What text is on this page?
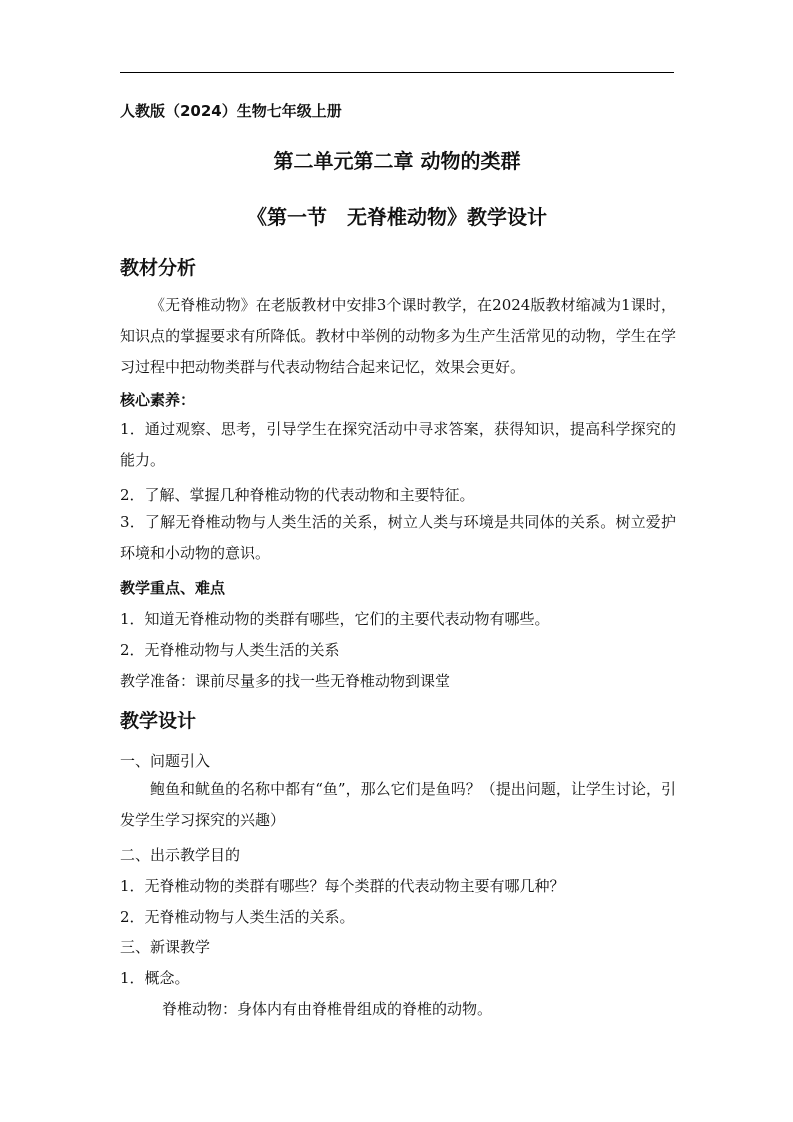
人教版（2024）生物七年级上册

第二单元第二章 动物的类群

《第一节　无脊椎动物》教学设计

教材分析

《无脊椎动物》在老版教材中安排3个课时教学，在2024版教材缩减为1课时，知识点的掌握要求有所降低。教材中举例的动物多为生产生活常见的动物，学生在学习过程中把动物类群与代表动物结合起来记忆，效果会更好。

核心素养：

1．通过观察、思考，引导学生在探究活动中寻求答案，获得知识，提高科学探究的能力。

2．了解、掌握几种脊椎动物的代表动物和主要特征。

3．了解无脊椎动物与人类生活的关系，树立人类与环境是共同体的关系。树立爱护环境和小动物的意识。

教学重点、难点

1．知道无脊椎动物的类群有哪些，它们的主要代表动物有哪些。

2．无脊椎动物与人类生活的关系

教学准备：课前尽量多的找一些无脊椎动物到课堂

教学设计

一、问题引入

鲍鱼和鱿鱼的名称中都有“鱼”，那么它们是鱼吗？（提出问题，让学生讨论，引发学生学习探究的兴趣）

二、出示教学目的

1．无脊椎动物的类群有哪些？每个类群的代表动物主要有哪几种？

2．无脊椎动物与人类生活的关系。

三、新课教学

1．概念。

脊椎动物：身体内有由脊椎骨组成的脊椎的动物。
